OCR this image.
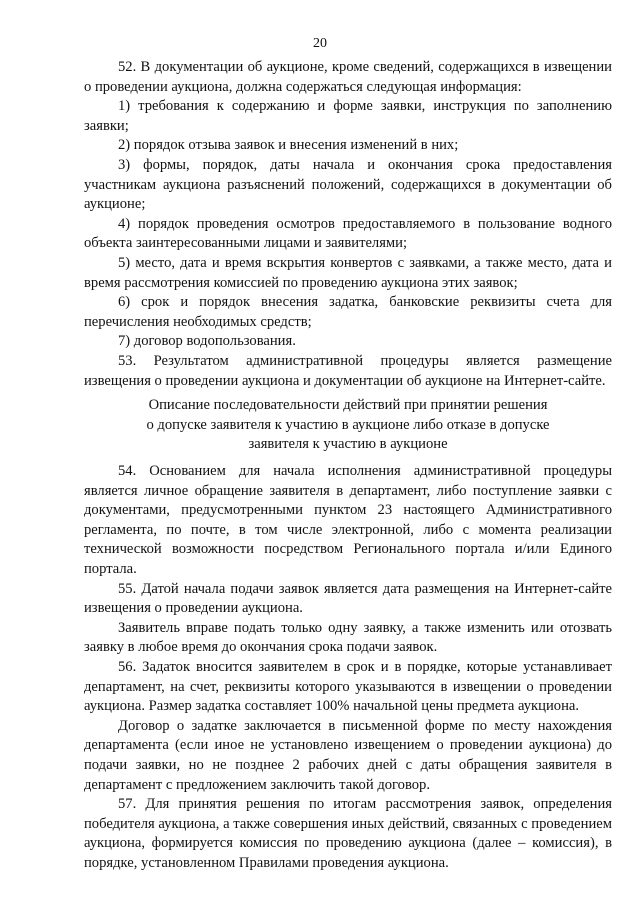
20

52. В документации об аукционе, кроме сведений, содержащихся в извещении о проведении аукциона, должна содержаться следующая информация:

1) требования к содержанию и форме заявки, инструкция по заполнению заявки;

2) порядок отзыва заявок и внесения изменений в них;

3) формы, порядок, даты начала и окончания срока предоставления участникам аукциона разъяснений положений, содержащихся в документации об аукционе;

4) порядок проведения осмотров предоставляемого в пользование водного объекта заинтересованными лицами и заявителями;

5) место, дата и время вскрытия конвертов с заявками, а также место, дата и время рассмотрения комиссией по проведению аукциона этих заявок;

6) срок и порядок внесения задатка, банковские реквизиты счета для перечисления необходимых средств;

7) договор водопользования.

53. Результатом административной процедуры является размещение извещения о проведении аукциона и документации об аукционе на Интернет-сайте.

Описание последовательности действий при принятии решения

о допуске заявителя к участию в аукционе либо отказе в допуске

заявителя к участию в аукционе

54. Основанием для начала исполнения административной процедуры является личное обращение заявителя в департамент, либо поступление заявки с документами, предусмотренными пунктом 23 настоящего Административного регламента, по почте, в том числе электронной, либо с момента реализации технической возможности посредством Регионального портала и/или Единого портала.

55. Датой начала подачи заявок является дата размещения на Интернет-сайте извещения о проведении аукциона.

Заявитель вправе подать только одну заявку, а также изменить или отозвать заявку в любое время до окончания срока подачи заявок.

56. Задаток вносится заявителем в срок и в порядке, которые устанавливает департамент, на счет, реквизиты которого указываются в извещении о проведении аукциона. Размер задатка составляет 100% начальной цены предмета аукциона.

Договор о задатке заключается в письменной форме по месту нахождения департамента (если иное не установлено извещением о проведении аукциона) до подачи заявки, но не позднее 2 рабочих дней с даты обращения заявителя в департамент с предложением заключить такой договор.

57. Для принятия решения по итогам рассмотрения заявок, определения победителя аукциона, а также совершения иных действий, связанных с проведением аукциона, формируется комиссия по проведению аукциона (далее – комиссия), в порядке, установленном Правилами проведения аукциона.
